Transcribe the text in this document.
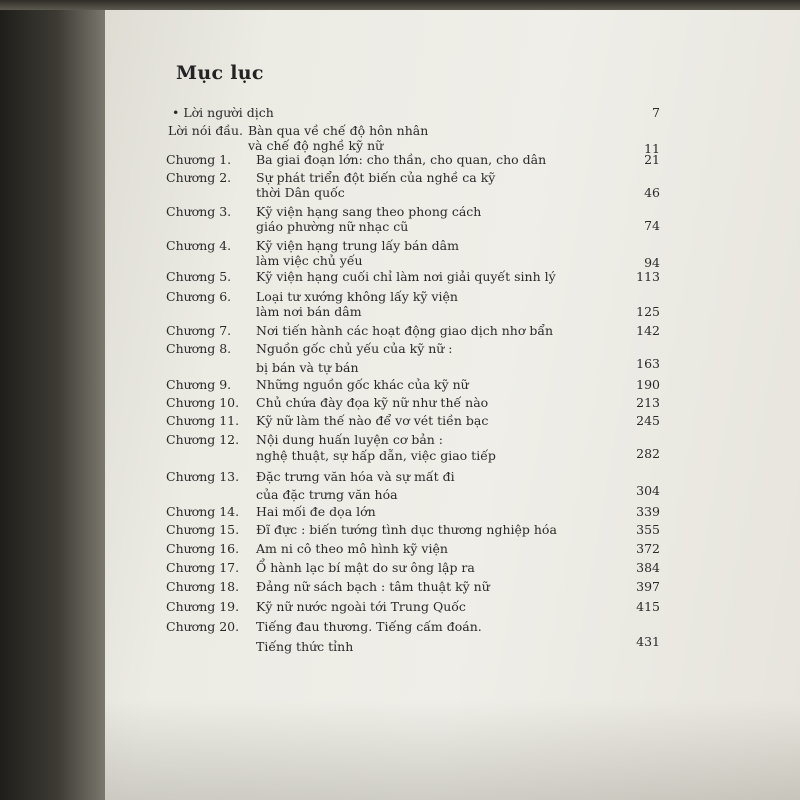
Mục lục
• Lời người dịch	7
Lời nói đầu. Bàn qua về chế độ hôn nhân
và chế độ nghề kỹ nữ	11
Chương 1. Ba giai đoạn lớn: cho thần, cho quan, cho dân	21
Chương 2. Sự phát triển đột biến của nghề ca kỹ
thời Dân quốc	46
Chương 3. Kỹ viện hạng sang theo phong cách
giáo phường nữ nhạc cũ	74
Chương 4. Kỹ viện hạng trung lấy bán dâm
làm việc chủ yếu	94
Chương 5. Kỹ viện hạng cuối chỉ làm nơi giải quyết sinh lý	113
Chương 6. Loại tư xướng không lấy kỹ viện
làm nơi bán dâm	125
Chương 7. Nơi tiến hành các hoạt động giao dịch nhơ bẩn	142
Chương 8. Nguồn gốc chủ yếu của kỹ nữ :
bị bán và tự bán	163
Chương 9. Những nguồn gốc khác của kỹ nữ	190
Chương 10. Chủ chứa đày đọa kỹ nữ như thế nào	213
Chương 11. Kỹ nữ làm thế nào để vơ vét tiền bạc	245
Chương 12. Nội dung huấn luyện cơ bản :
nghệ thuật, sự hấp dẫn, việc giao tiếp	282
Chương 13. Đặc trưng văn hóa và sự mất đi
của đặc trưng văn hóa	304
Chương 14. Hai mối đe dọa lớn	339
Chương 15. Đĩ đực : biến tướng tình dục thương nghiệp hóa	355
Chương 16. Am ni cô theo mô hình kỹ viện	372
Chương 17. Ổ hành lạc bí mật do sư ông lập ra	384
Chương 18. Đảng nữ sách bạch : tâm thuật kỹ nữ	397
Chương 19. Kỹ nữ nước ngoài tới Trung Quốc	415
Chương 20. Tiếng đau thương. Tiếng cấm đoán.
Tiếng thức tỉnh	431
